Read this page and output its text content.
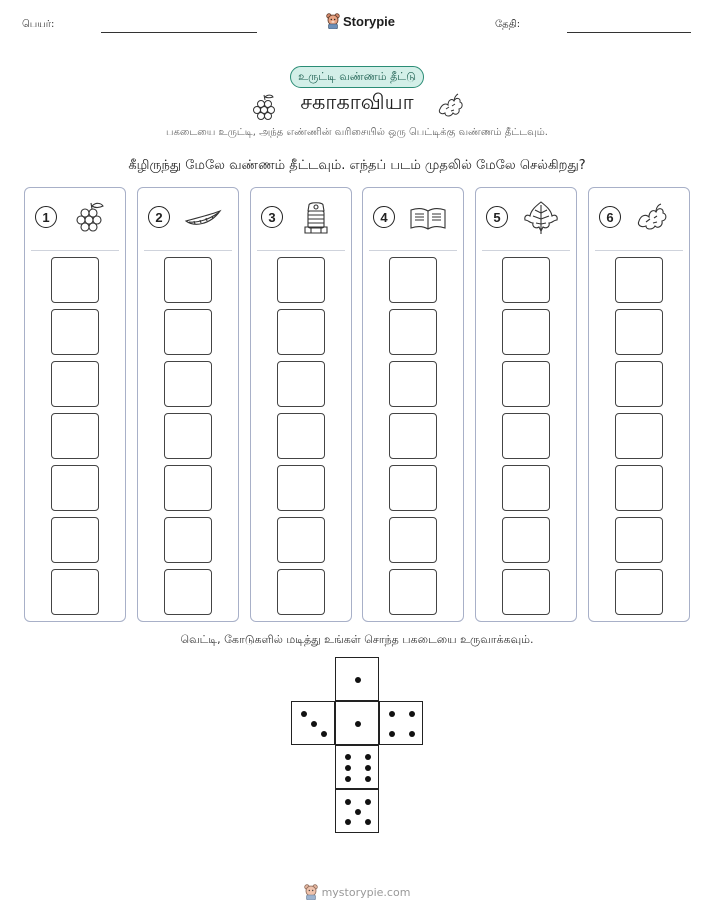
பெயர்:	தேதி:
Storypie
உருட்டி வண்ணம் தீட்டு
சகாகாவியா
பகடையை உருட்டி, அந்த எண்ணின் வரிசையில் ஒரு பெட்டிக்கு வண்ணம் தீட்டவும்.
கீழிருந்து மேலே வண்ணம் தீட்டவும். எந்தப் படம் முதலில் மேலே செல்கிறது?
1	2	3	4	5	6
வெட்டி, கோடுகளில் மடித்து உங்கள் சொந்த பகடையை உருவாக்கவும்.
mystorypie.com
